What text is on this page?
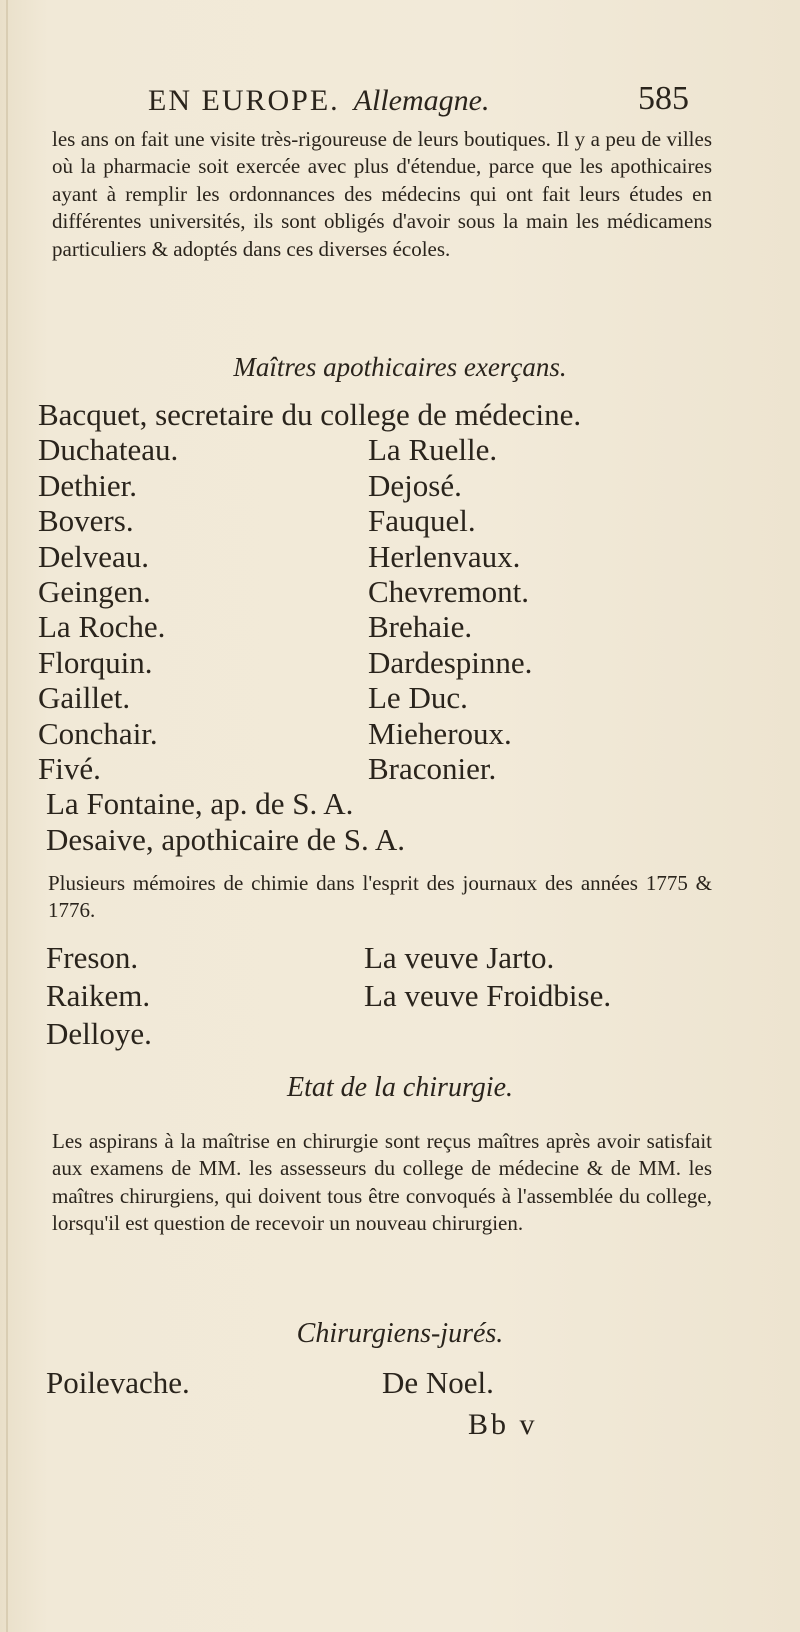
EN EUROPE. Allemagne.	585
les ans on fait une visite très-rigoureuse de leurs boutiques. Il y a peu de villes où la pharmacie soit exercée avec plus d'étendue, parce que les apothicaires ayant à remplir les ordonnances des médecins qui ont fait leurs études en différentes universités, ils sont obligés d'avoir sous la main les médicamens particuliers & adoptés dans ces diverses écoles.
Maîtres apothicaires exerçans.
Bacquet, secretaire du college de médecine.
Duchateau.	La Ruelle.
Dethier.	Dejosé.
Bovers.	Fauquel.
Delveau.	Herlenvaux.
Geingen.	Chevremont.
La Roche.	Brehaie.
Florquin.	Dardespinne.
Gaillet.	Le Duc.
Conchair.	Mieheroux.
Fivé.	Braconier.
La Fontaine, ap. de S. A.
Desaive, apothicaire de S. A.
Plusieurs mémoires de chimie dans l'esprit des journaux des années 1775 & 1776.
Freson.	La veuve Jarto.
Raikem.	La veuve Froidbise.
Delloye.
Etat de la chirurgie.
Les aspirans à la maîtrise en chirurgie sont reçus maîtres après avoir satisfait aux examens de MM. les assesseurs du college de médecine & de MM. les maîtres chirurgiens, qui doivent tous être convoqués à l'assemblée du college, lorsqu'il est question de recevoir un nouveau chirurgien.
Chirurgiens-jurés.
Poilevache.	De Noel.
Bb v
